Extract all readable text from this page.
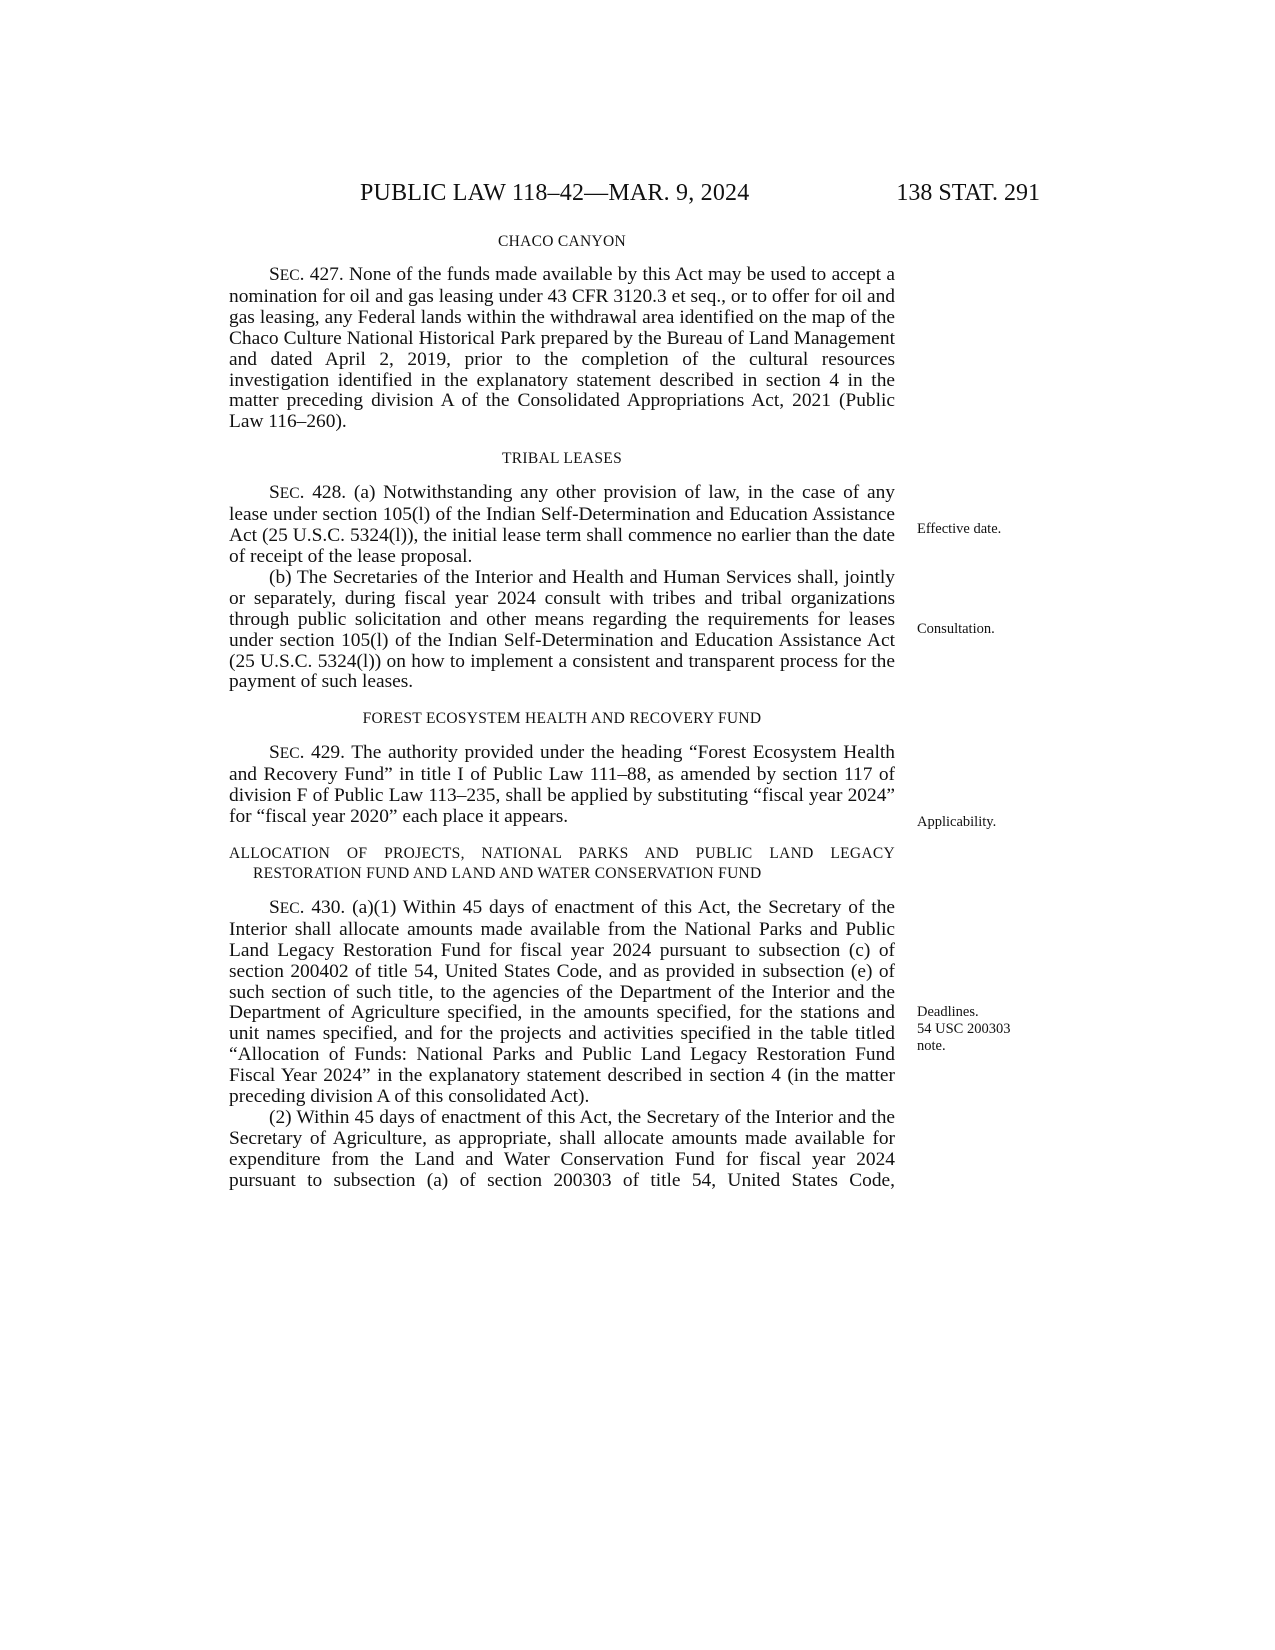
PUBLIC LAW 118–42—MAR. 9, 2024	138 STAT. 291
CHACO CANYON

SEC. 427. None of the funds made available by this Act may be used to accept a nomination for oil and gas leasing under 43 CFR 3120.3 et seq., or to offer for oil and gas leasing, any Federal lands within the withdrawal area identified on the map of the Chaco Culture National Historical Park prepared by the Bureau of Land Management and dated April 2, 2019, prior to the completion of the cultural resources investigation identified in the explanatory statement described in section 4 in the matter preceding division A of the Consolidated Appropriations Act, 2021 (Public Law 116–260).

TRIBAL LEASES

SEC. 428. (a) Notwithstanding any other provision of law, in the case of any lease under section 105(l) of the Indian Self-Determination and Education Assistance Act (25 U.S.C. 5324(l)), the initial lease term shall commence no earlier than the date of receipt of the lease proposal.

(b) The Secretaries of the Interior and Health and Human Services shall, jointly or separately, during fiscal year 2024 consult with tribes and tribal organizations through public solicitation and other means regarding the requirements for leases under section 105(l) of the Indian Self-Determination and Education Assistance Act (25 U.S.C. 5324(l)) on how to implement a consistent and transparent process for the payment of such leases.

FOREST ECOSYSTEM HEALTH AND RECOVERY FUND

SEC. 429. The authority provided under the heading “Forest Ecosystem Health and Recovery Fund” in title I of Public Law 111–88, as amended by section 117 of division F of Public Law 113–235, shall be applied by substituting “fiscal year 2024” for “fiscal year 2020” each place it appears.

ALLOCATION OF PROJECTS, NATIONAL PARKS AND PUBLIC LAND LEGACY RESTORATION FUND AND LAND AND WATER CONSERVATION FUND

SEC. 430. (a)(1) Within 45 days of enactment of this Act, the Secretary of the Interior shall allocate amounts made available from the National Parks and Public Land Legacy Restoration Fund for fiscal year 2024 pursuant to subsection (c) of section 200402 of title 54, United States Code, and as provided in subsection (e) of such section of such title, to the agencies of the Department of the Interior and the Department of Agriculture specified, in the amounts specified, for the stations and unit names specified, and for the projects and activities specified in the table titled “Allocation of Funds: National Parks and Public Land Legacy Restoration Fund Fiscal Year 2024” in the explanatory statement described in section 4 (in the matter preceding division A of this consolidated Act).

(2) Within 45 days of enactment of this Act, the Secretary of the Interior and the Secretary of Agriculture, as appropriate, shall allocate amounts made available for expenditure from the Land and Water Conservation Fund for fiscal year 2024 pursuant to subsection (a) of section 200303 of title 54, United States Code,

Effective date.
Consultation.
Applicability.
Deadlines.
54 USC 200303
note.
